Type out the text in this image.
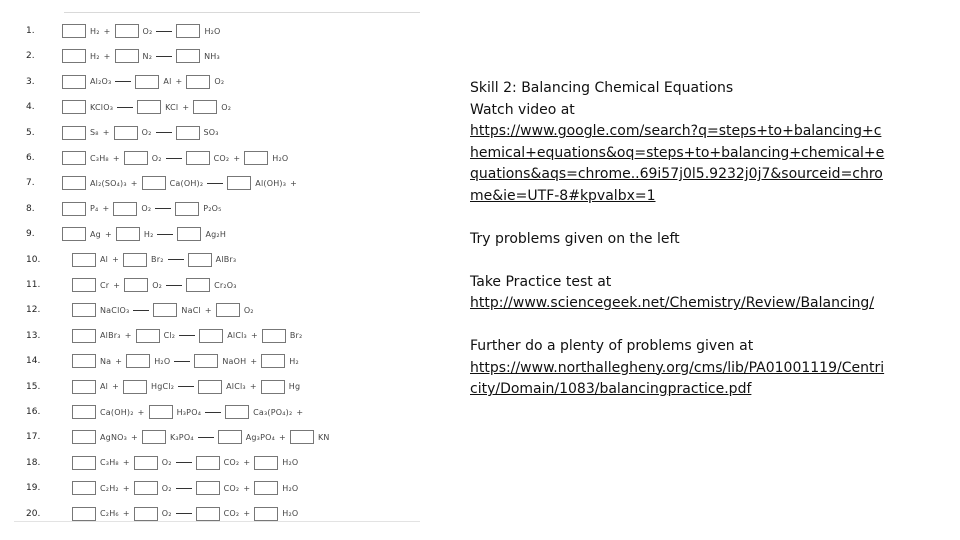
1.	H₂ +	O₂	H₂O
2.	H₂ +	N₂	NH₃
3.	Al₂O₃	Al +	O₂
4.	KClO₃	KCl +	O₂
5.	S₈ +	O₂	SO₃
6.	C₃H₈ +	O₂	CO₂ +	H₂O
7.	Al₂(SO₄)₃ +	Ca(OH)₂	Al(OH)₃ +
8.	P₄ +	O₂	P₂O₅
9.	Ag +	H₂	Ag₂H
10.	Al +	Br₂	AlBr₃
11.	Cr +	O₂	Cr₂O₃
12.	NaClO₃	NaCl +	O₂
13.	AlBr₃ +	Cl₂	AlCl₃ +	Br₂
14.	Na +	H₂O	NaOH +	H₂
15.	Al +	HgCl₂	AlCl₃ +	Hg
16.	Ca(OH)₂ +	H₃PO₄	Ca₃(PO₄)₂ +
17.	AgNO₃ +	K₃PO₄	Ag₃PO₄ +	KN
18.	C₃H₈ +	O₂	CO₂ +	H₂O
19.	C₂H₂ +	O₂	CO₂ +	H₂O
20.	C₂H₆ +	O₂	CO₂ +	H₂O

Skill 2: Balancing Chemical Equations

Watch video at

https://www.google.com/search?q=steps+to+balancing+chemical+equations&oq=steps+to+balancing+chemical+equations&aqs=chrome..69i57j0l5.9232j0j7&sourceid=chrome&ie=UTF-8#kpvalbx=1

Try problems given on the left

Take Practice test at

http://www.sciencegeek.net/Chemistry/Review/Balancing/

Further do a plenty of problems given at

https://www.northallegheny.org/cms/lib/PA01001119/Centricity/Domain/1083/balancingpractice.pdf
